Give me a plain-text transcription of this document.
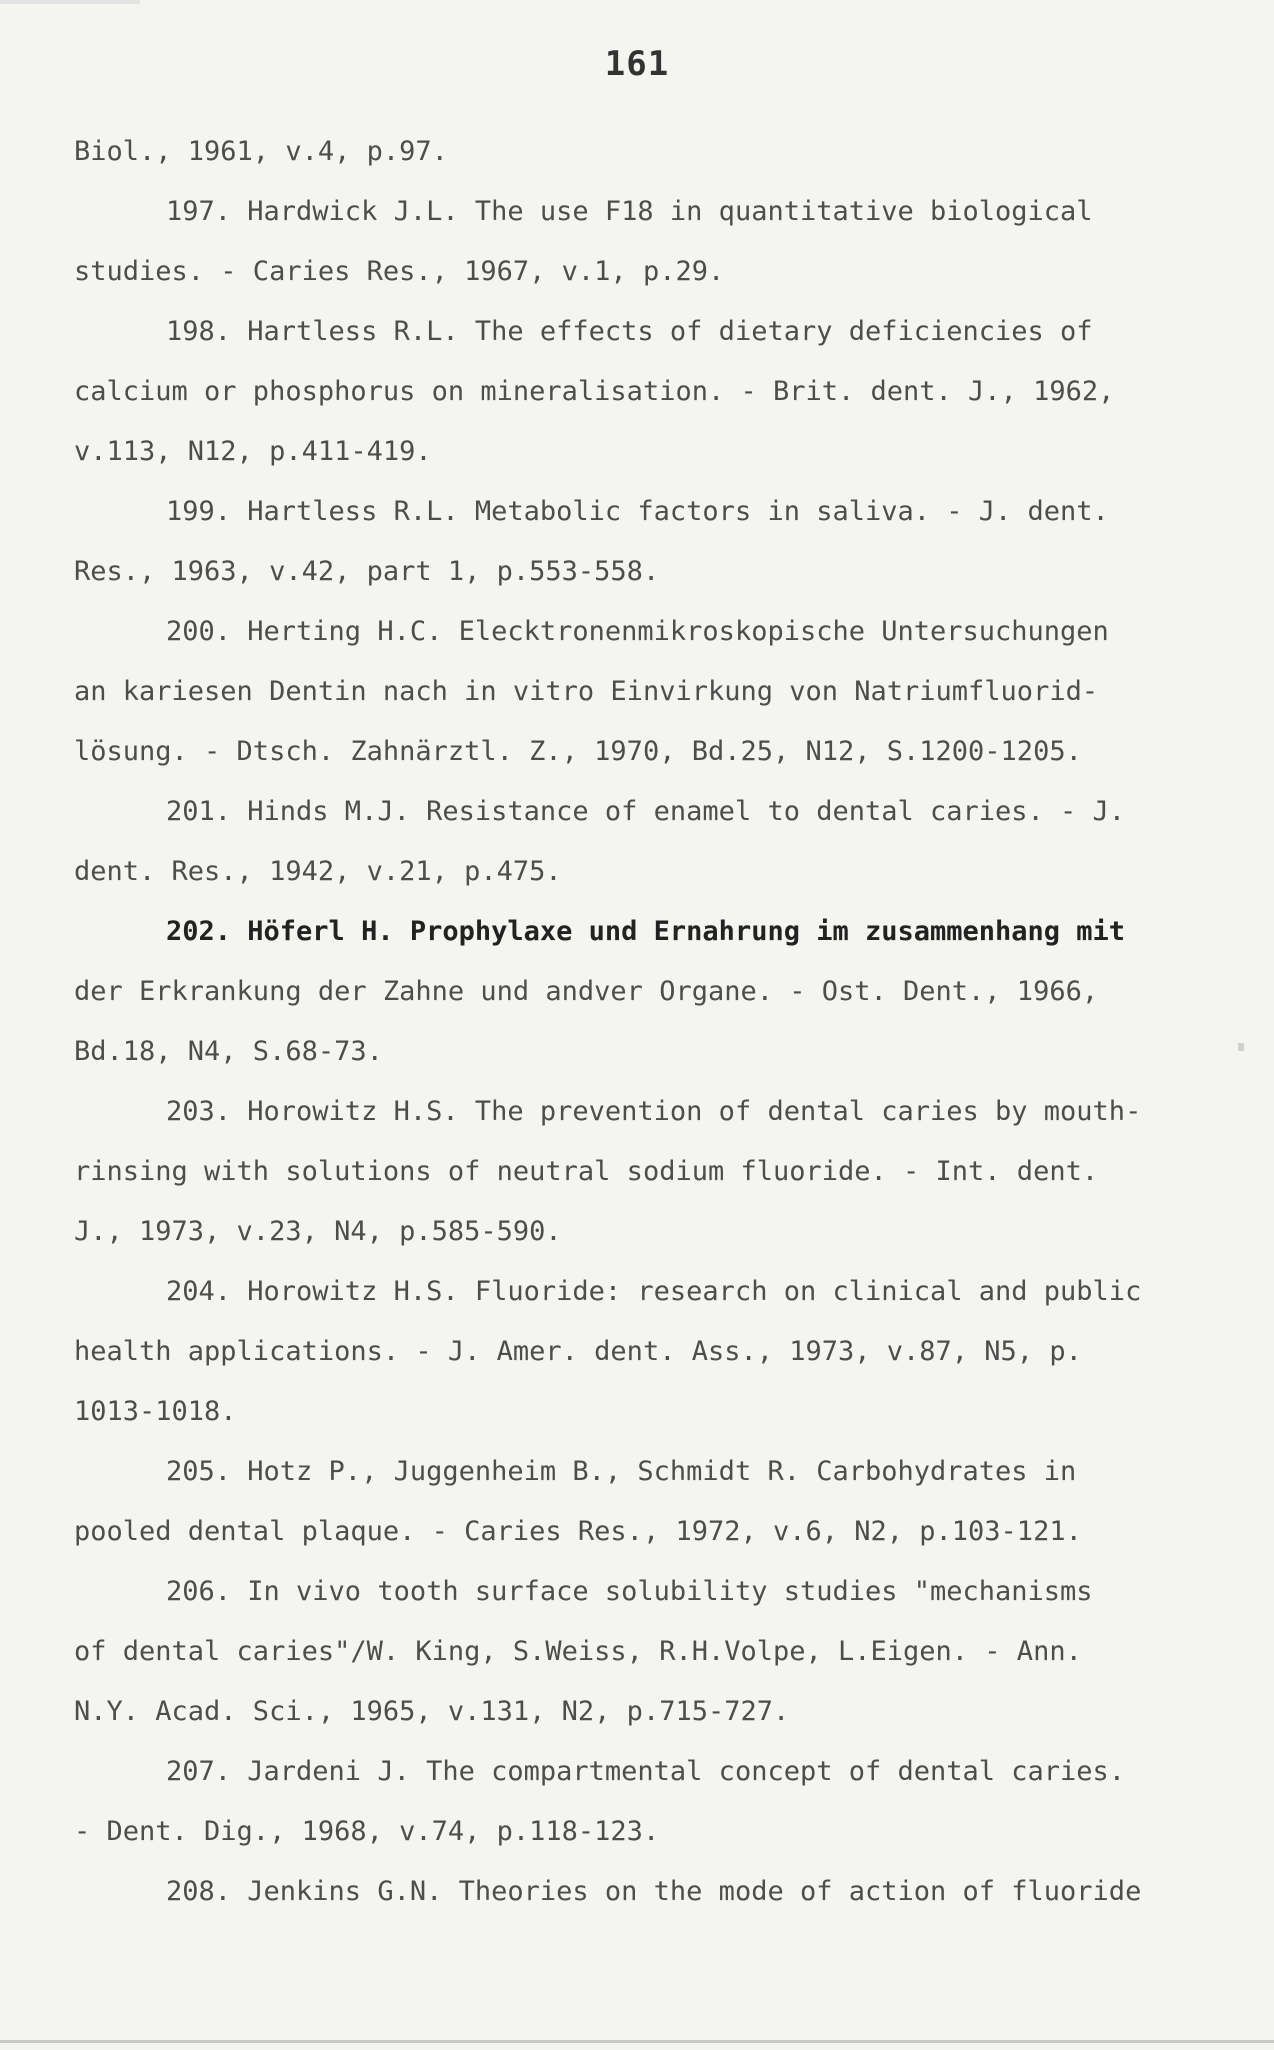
161

Biol., 1961, v.4, p.97.

197. Hardwick J.L. The use F18 in quantitative biological

studies. - Caries Res., 1967, v.1, p.29.

198. Hartless R.L. The effects of dietary deficiencies of

calcium or phosphorus on mineralisation. - Brit. dent. J., 1962,

v.113, N12, p.411-419.

199. Hartless R.L. Metabolic factors in saliva. - J. dent.

Res., 1963, v.42, part 1, p.553-558.

200. Herting H.C. Elecktronenmikroskopische Untersuchungen

an kariesen Dentin nach in vitro Einvirkung von Natriumfluorid-

lösung. - Dtsch. Zahnärztl. Z., 1970, Bd.25, N12, S.1200-1205.

201. Hinds M.J. Resistance of enamel to dental caries. - J.

dent. Res., 1942, v.21, p.475.

202. Höferl H. Prophylaxe und Ernahrung im zusammenhang mit

der Erkrankung der Zahne und andver Organe. - Ost. Dent., 1966,

Bd.18, N4, S.68-73.

203. Horowitz H.S. The prevention of dental caries by mouth-

rinsing with solutions of neutral sodium fluoride. - Int. dent.

J., 1973, v.23, N4, p.585-590.

204. Horowitz H.S. Fluoride: research on clinical and public

health applications. - J. Amer. dent. Ass., 1973, v.87, N5, p.

1013-1018.

205. Hotz P., Juggenheim B., Schmidt R. Carbohydrates in

pooled dental plaque. - Caries Res., 1972, v.6, N2, p.103-121.

206. In vivo tooth surface solubility studies "mechanisms

of dental caries"/W. King, S.Weiss, R.H.Volpe, L.Eigen. - Ann.

N.Y. Acad. Sci., 1965, v.131, N2, p.715-727.

207. Jardeni J. The compartmental concept of dental caries.

- Dent. Dig., 1968, v.74, p.118-123.

208. Jenkins G.N. Theories on the mode of action of fluoride
